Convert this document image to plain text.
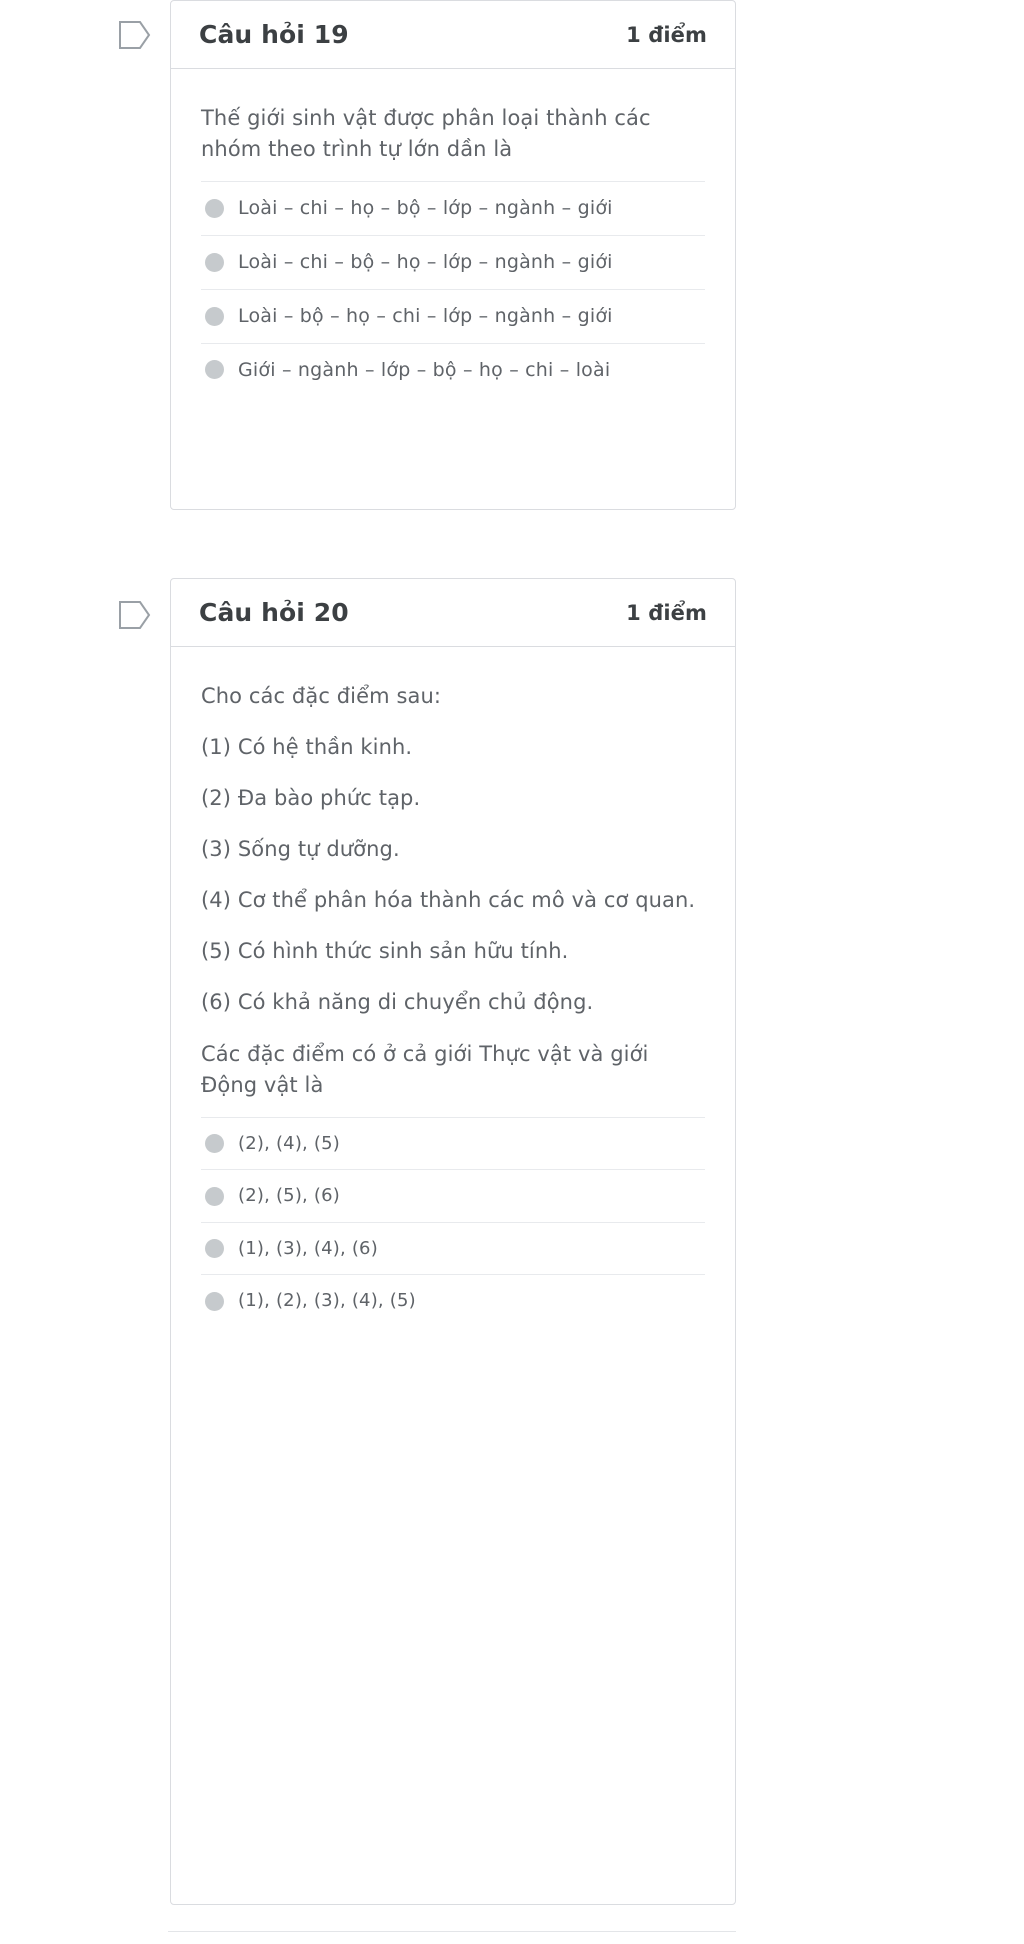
Câu hỏi 19	1 điểm

Thế giới sinh vật được phân loại thành các nhóm theo trình tự lớn dần là

Loài – chi – họ – bộ – lớp – ngành – giới
Loài – chi – bộ – họ – lớp – ngành – giới
Loài – bộ – họ – chi – lớp – ngành – giới
Giới – ngành – lớp – bộ – họ – chi – loài
Câu hỏi 20	1 điểm

Cho các đặc điểm sau:

(1) Có hệ thần kinh.

(2) Đa bào phức tạp.

(3) Sống tự dưỡng.

(4) Cơ thể phân hóa thành các mô và cơ quan.

(5) Có hình thức sinh sản hữu tính.

(6) Có khả năng di chuyển chủ động.

Các đặc điểm có ở cả giới Thực vật và giới Động vật là

(2), (4), (5)
(2), (5), (6)
(1), (3), (4), (6)
(1), (2), (3), (4), (5)
